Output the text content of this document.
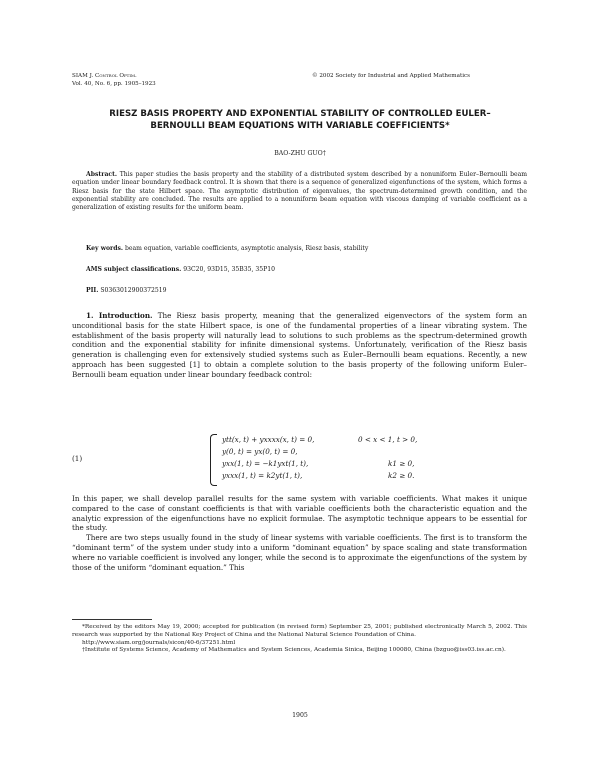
SIAM J. Control Optim.
Vol. 40, No. 6, pp. 1905–1923
© 2002 Society for Industrial and Applied Mathematics
RIESZ BASIS PROPERTY AND EXPONENTIAL STABILITY OF CONTROLLED EULER–BERNOULLI BEAM EQUATIONS WITH VARIABLE COEFFICIENTS*
BAO-ZHU GUO†
Abstract. This paper studies the basis property and the stability of a distributed system described by a nonuniform Euler–Bernoulli beam equation under linear boundary feedback control. It is shown that there is a sequence of generalized eigenfunctions of the system, which forms a Riesz basis for the state Hilbert space. The asymptotic distribution of eigenvalues, the spectrum-determined growth condition, and the exponential stability are concluded. The results are applied to a nonuniform beam equation with viscous damping of variable coefficient as a generalization of existing results for the uniform beam.
Key words. beam equation, variable coefficients, asymptotic analysis, Riesz basis, stability
AMS subject classifications. 93C20, 93D15, 35B35, 35P10
PII. S0363012900372519

1. Introduction. The Riesz basis property, meaning that the generalized eigenvectors of the system form an unconditional basis for the state Hilbert space, is one of the fundamental properties of a linear vibrating system. The establishment of the basis property will naturally lead to solutions to such problems as the spectrum-determined growth condition and the exponential stability for infinite dimensional systems. Unfortunately, verification of the Riesz basis generation is challenging even for extensively studied systems such as Euler–Bernoulli beam equations. Recently, a new approach has been suggested [1] to obtain a complete solution to the basis property of the following uniform Euler–Bernoulli beam equation under linear boundary feedback control:

(1)
ytt(x, t) + yxxxx(x, t) = 0,
y(0, t) = yx(0, t) = 0,
yxx(1, t) = −k1yxt(1, t),
yxxx(1, t) = k2yt(1, t),
0 < x < 1, t > 0,
k1 ≥ 0,
k2 ≥ 0.

In this paper, we shall develop parallel results for the same system with variable coefficients. What makes it unique compared to the case of constant coefficients is that with variable coefficients both the characteristic equation and the analytic expression of the eigenfunctions have no explicit formulae. The asymptotic technique appears to be essential for the study.

There are two steps usually found in the study of linear systems with variable coefficients. The first is to transform the “dominant term” of the system under study into a uniform “dominant equation” by space scaling and state transformation where no variable coefficient is involved any longer, while the second is to approximate the eigenfunctions of the system by those of the uniform “dominant equation.” This

*Received by the editors May 19, 2000; accepted for publication (in revised form) September 25, 2001; published electronically March 5, 2002. This research was supported by the National Key Project of China and the National Natural Science Foundation of China.
http://www.siam.org/journals/sicon/40-6/37251.html
†Institute of Systems Science, Academy of Mathematics and System Sciences, Academia Sinica, Beijing 100080, China (bzguo@iss03.iss.ac.cn).
1905
